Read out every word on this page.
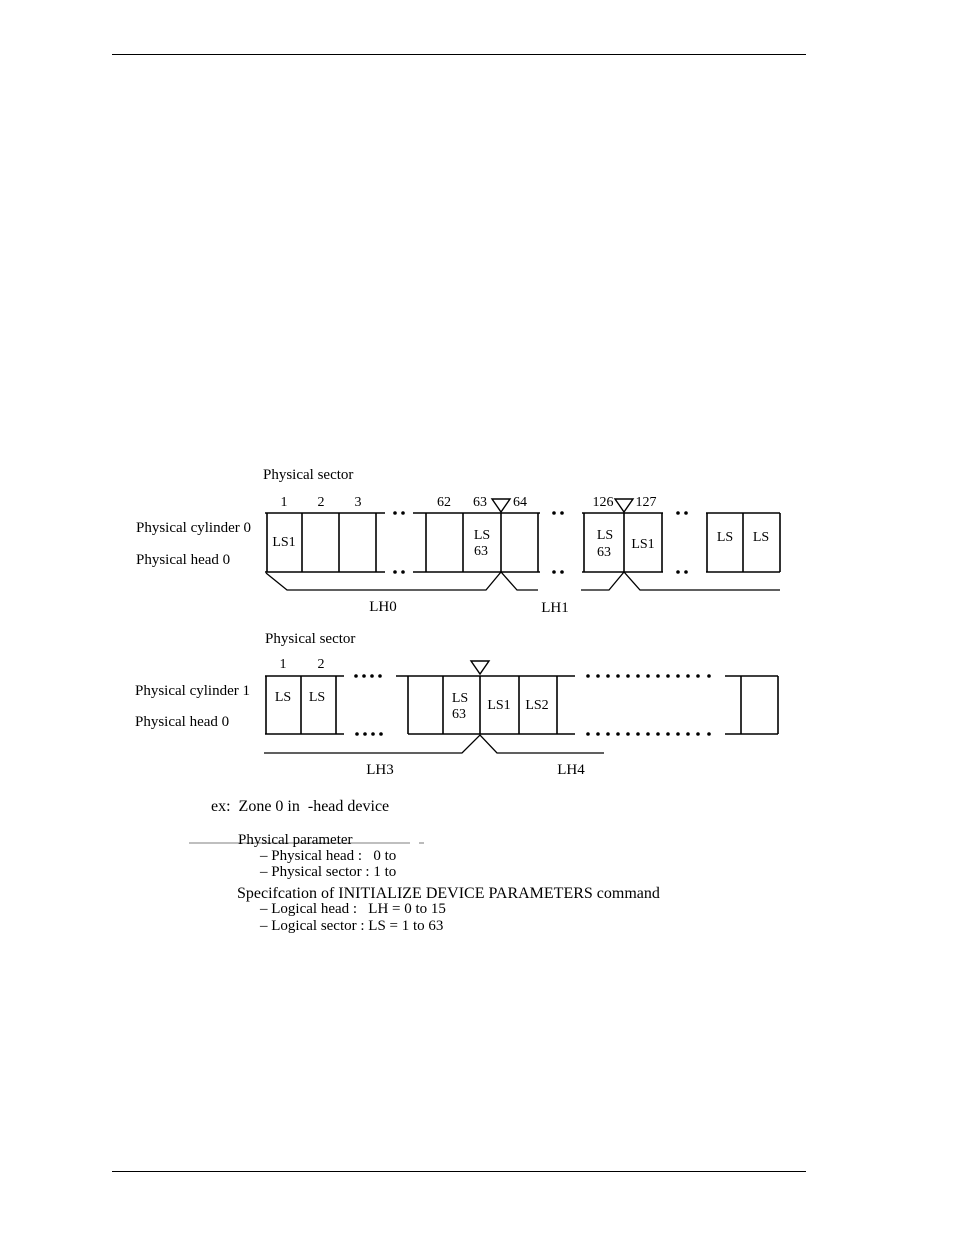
Physical sector
Physical cylinder 0
Physical head 0
1 2 3	62 63 64	126 127
LS1	LS
63
LS
63
LS1	LS LS
LH0	LH1
Physical sector
Physical cylinder 1
Physical head 0
1 2
LS LS	LS
63
LS1 LS2
LH3	LH4
ex:  Zone 0 in  -head device
Physical parameter
– Physical head :   0 to
– Physical sector : 1 to
Specifcation of INITIALIZE DEVICE PARAMETERS command
– Logical head :   LH = 0 to 15
– Logical sector : LS = 1 to 63
